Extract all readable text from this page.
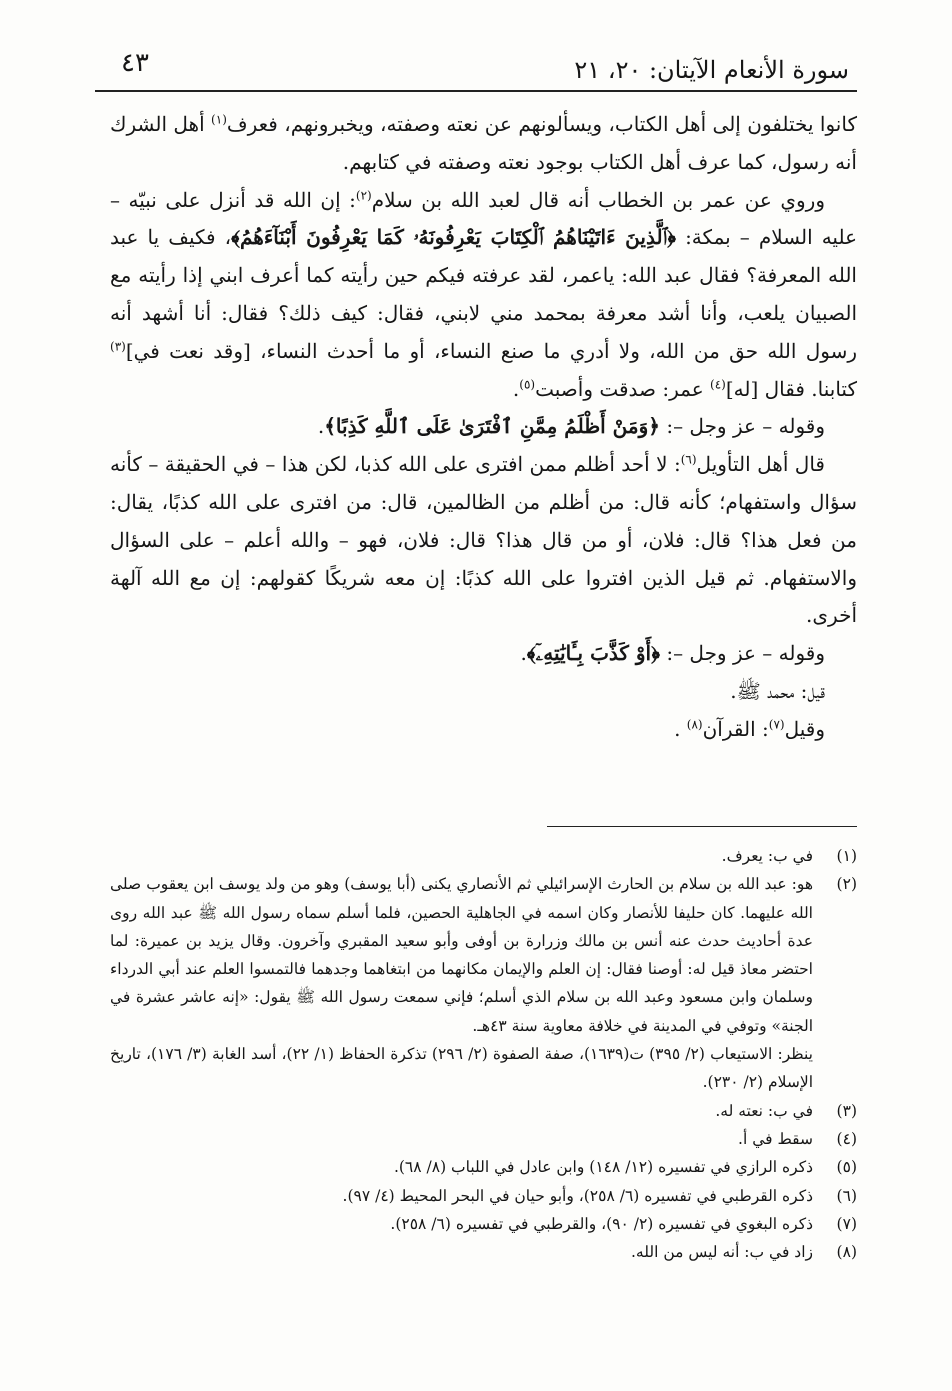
٤٣	سورة الأنعام الآيتان: ٢٠، ٢١

كانوا يختلفون إلى أهل الكتاب، ويسألونهم عن نعته وصفته، ويخبرونهم، فعرف$^{(١)}$ أهل الشرك أنه رسول، كما عرف أهل الكتاب بوجود نعته وصفته في كتابهم.

وروي عن عمر بن الخطاب أنه قال لعبد الله بن سلام$^{(٢)}$: إن الله قد أنزل على نبيّه – عليه السلام – بمكة: ﴿ٱلَّذِينَ ءَاتَيْنَاهُمُ ٱلْكِتَابَ يَعْرِفُونَهُۥ كَمَا يَعْرِفُونَ أَبْنَآءَهُمُ﴾، فكيف يا عبد الله المعرفة؟ فقال عبد الله: ياعمر، لقد عرفته فيكم حين رأيته كما أعرف ابني إذا رأيته مع الصبيان يلعب، وأنا أشد معرفة بمحمد مني لابني، فقال: كيف ذلك؟ فقال: أنا أشهد أنه رسول الله حق من الله، ولا أدري ما صنع النساء، أو ما أحدث النساء، [وقد نعت في]$^{(٣)}$ كتابنا. فقال [له]$^{(٤)}$ عمر: صدقت وأصبت$^{(٥)}$.

وقوله – عز وجل –: ﴿وَمَنْ أَظْلَمُ مِمَّنِ ٱفْتَرَىٰ عَلَى ٱللَّهِ كَذِبًا﴾.

قال أهل التأويل$^{(٦)}$: لا أحد أظلم ممن افترى على الله كذبا، لكن هذا – في الحقيقة – كأنه سؤال واستفهام؛ كأنه قال: من أظلم من الظالمين، قال: من افترى على الله كذبًا، يقال: من فعل هذا؟ قال: فلان، أو من قال هذا؟ قال: فلان، فهو – والله أعلم – على السؤال والاستفهام. ثم قيل الذين افتروا على الله كذبًا: إن معه شريكًا كقولهم: إن مع الله آلهة أخرى.

وقوله – عز وجل –: ﴿أَوْ كَذَّبَ بِـَٔايَٰتِهِۦٓ﴾.

قيل: محمد ﷺ.

وقيل$^{(٧)}$: القرآن$^{(٨)}$ .

(١)
في ب: يعرف.
(٢)
هو: عبد الله بن سلام بن الحارث الإسرائيلي ثم الأنصاري يكنى (أبا يوسف) وهو من ولد يوسف ابن يعقوب صلى الله عليهما. كان حليفا للأنصار وكان اسمه في الجاهلية الحصين، فلما أسلم سماه رسول الله ﷺ عبد الله روى عدة أحاديث حدث عنه أنس بن مالك وزرارة بن أوفى وأبو سعيد المقبري وآخرون. وقال يزيد بن عميرة: لما احتضر معاذ قيل له: أوصنا فقال: إن العلم والإيمان مكانهما من ابتغاهما وجدهما فالتمسوا العلم عند أبي الدرداء وسلمان وابن مسعود وعبد الله بن سلام الذي أسلم؛ فإني سمعت رسول الله ﷺ يقول: «إنه عاشر عشرة في الجنة» وتوفي في المدينة في خلافة معاوية سنة ٤٣هـ.
ينظر: الاستيعاب (٢/ ٣٩٥) ت(١٦٣٩)، صفة الصفوة (٢/ ٢٩٦) تذكرة الحفاظ (١/ ٢٢)، أسد الغابة (٣/ ١٧٦)، تاريخ الإسلام (٢/ ٢٣٠).
(٣)
في ب: نعته له.
(٤)
سقط في أ.
(٥)
ذكره الرازي في تفسيره (١٢/ ١٤٨) وابن عادل في اللباب (٨/ ٦٨).
(٦)
ذكره القرطبي في تفسيره (٦/ ٢٥٨)، وأبو حيان في البحر المحيط (٤/ ٩٧).
(٧)
ذكره البغوي في تفسيره (٢/ ٩٠)، والقرطبي في تفسيره (٦/ ٢٥٨).
(٨)
زاد في ب: أنه ليس من الله.
